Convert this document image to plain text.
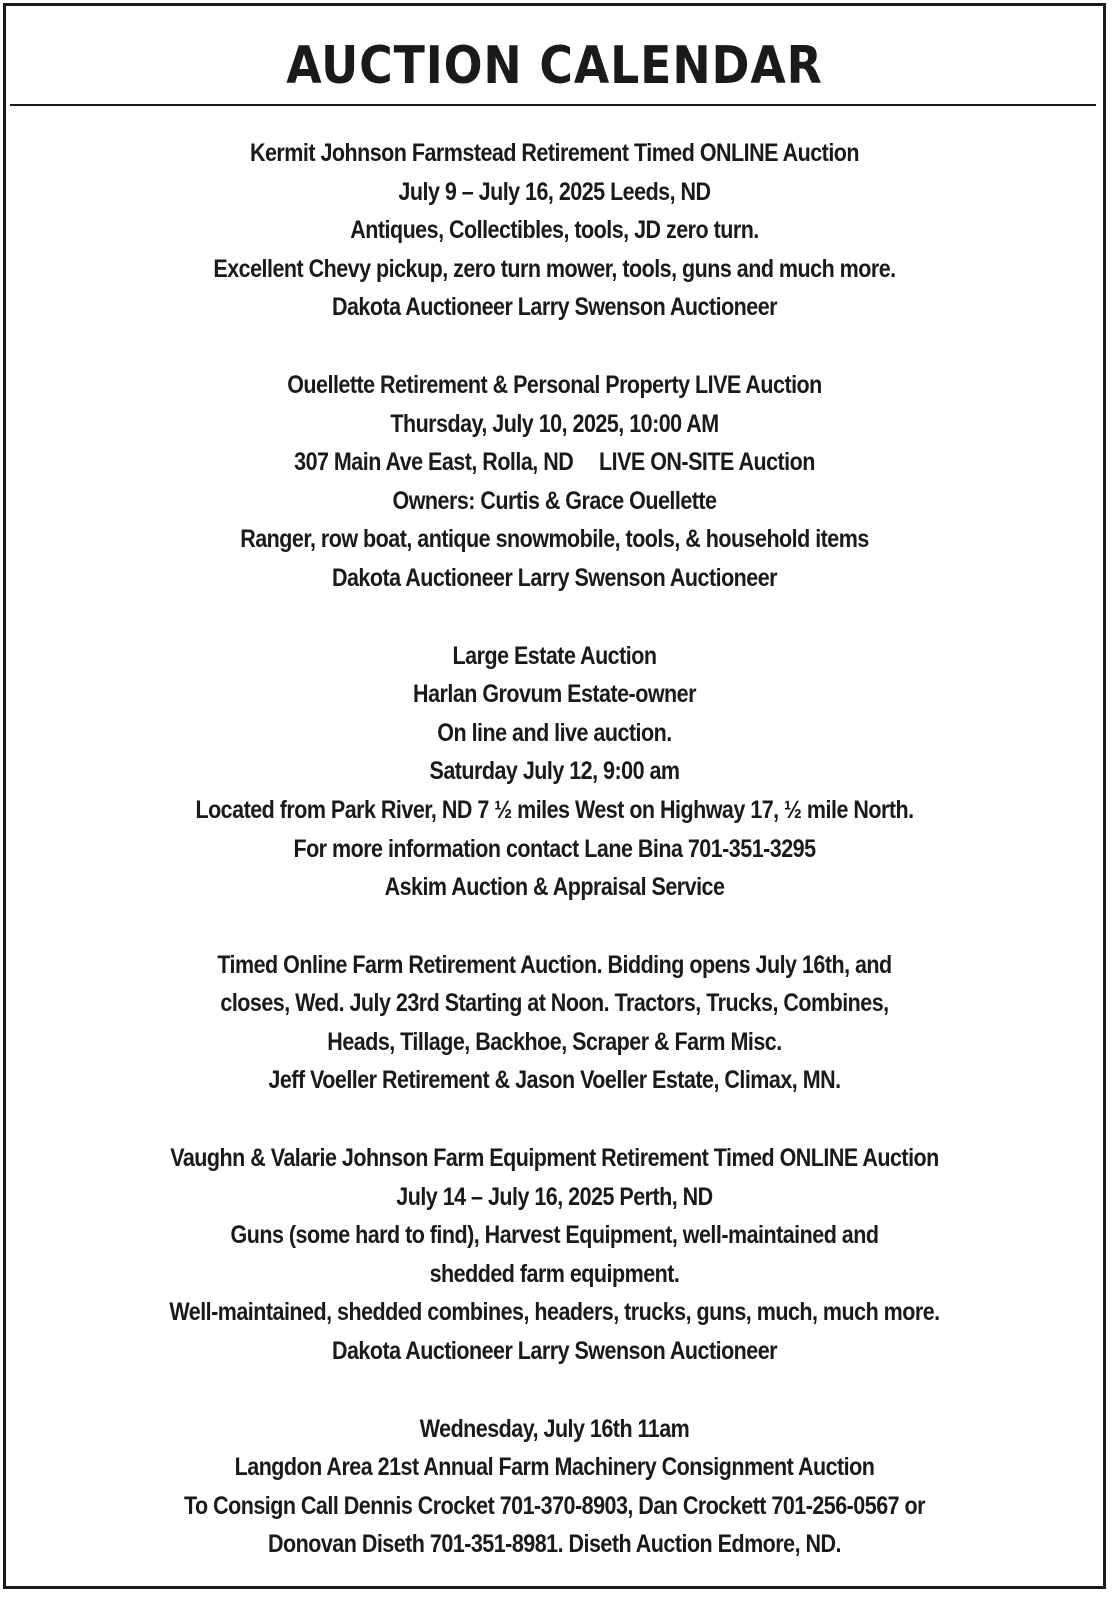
AUCTION CALENDAR
Kermit Johnson Farmstead Retirement Timed ONLINE Auction
July 9 – July 16, 2025 Leeds, ND
Antiques, Collectibles, tools, JD zero turn.
Excellent Chevy pickup, zero turn mower, tools, guns and much more.
Dakota Auctioneer Larry Swenson Auctioneer
Ouellette Retirement & Personal Property LIVE Auction
Thursday, July 10, 2025, 10:00 AM
307 Main Ave East, Rolla, ND LIVE ON-SITE Auction
Owners: Curtis & Grace Ouellette
Ranger, row boat, antique snowmobile, tools, & household items
Dakota Auctioneer Larry Swenson Auctioneer
Large Estate Auction
Harlan Grovum Estate-owner
On line and live auction.
Saturday July 12, 9:00 am
Located from Park River, ND 7 ½ miles West on Highway 17, ½ mile North.
For more information contact Lane Bina 701-351-3295
Askim Auction & Appraisal Service
Timed Online Farm Retirement Auction. Bidding opens July 16th, and
closes, Wed. July 23rd Starting at Noon. Tractors, Trucks, Combines,
Heads, Tillage, Backhoe, Scraper & Farm Misc.
Jeff Voeller Retirement & Jason Voeller Estate, Climax, MN.
Vaughn & Valarie Johnson Farm Equipment Retirement Timed ONLINE Auction
July 14 – July 16, 2025 Perth, ND
Guns (some hard to find), Harvest Equipment, well-maintained and
shedded farm equipment.
Well-maintained, shedded combines, headers, trucks, guns, much, much more.
Dakota Auctioneer Larry Swenson Auctioneer
Wednesday, July 16th 11am
Langdon Area 21st Annual Farm Machinery Consignment Auction
To Consign Call Dennis Crocket 701-370-8903, Dan Crockett 701-256-0567 or
Donovan Diseth 701-351-8981. Diseth Auction Edmore, ND.
